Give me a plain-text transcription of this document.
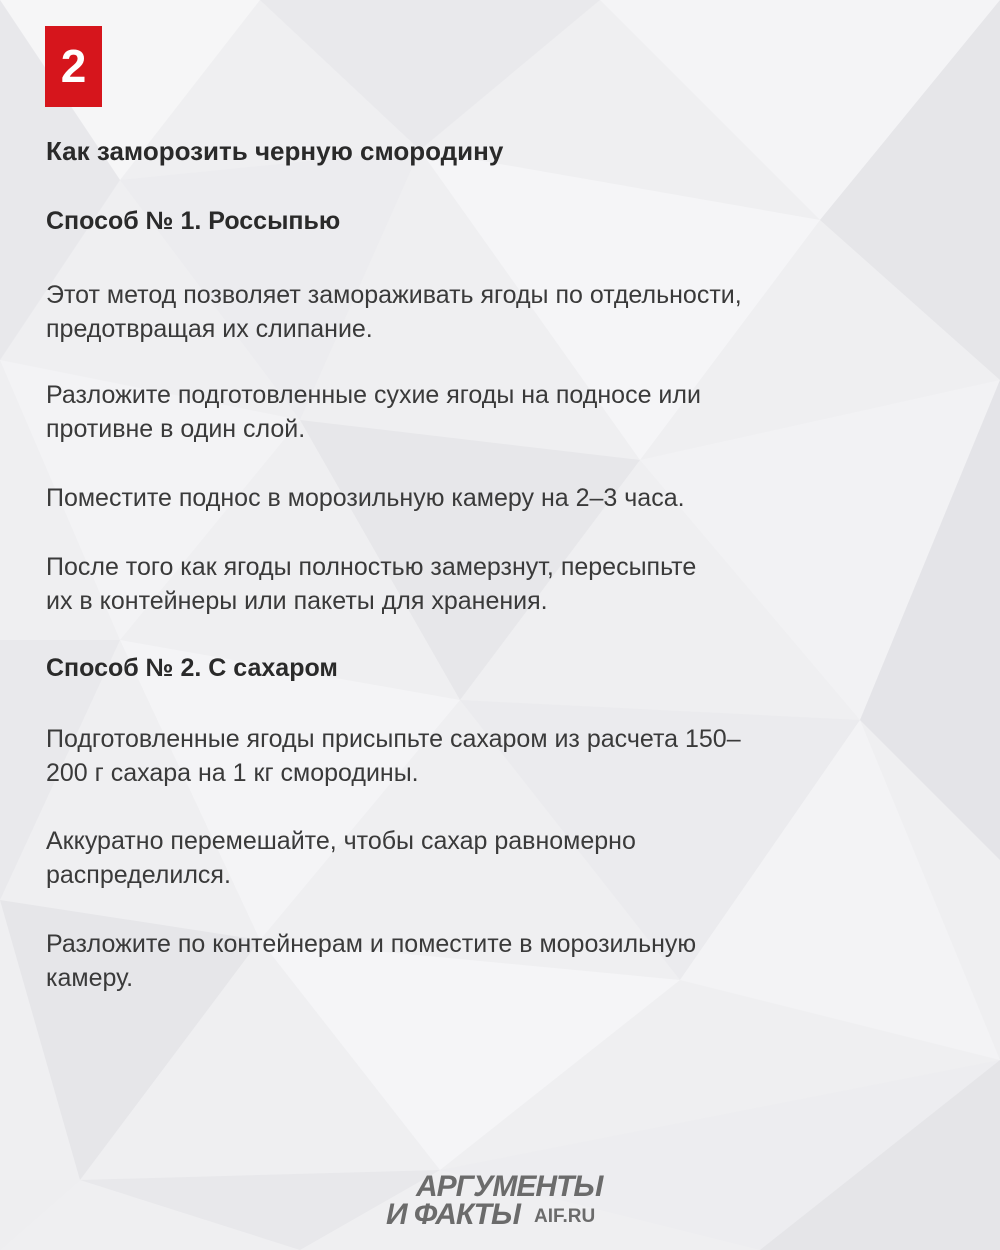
2

Как заморозить черную смородину

Способ № 1. Россыпью

Этот метод позволяет замораживать ягоды по отдельности,
предотвращая их слипание.

Разложите подготовленные сухие ягоды на подносе или
противне в один слой.

Поместите поднос в морозильную камеру на 2–3 часа.

После того как ягоды полностью замерзнут, пересыпьте
их в контейнеры или пакеты для хранения.

Способ № 2. С сахаром

Подготовленные ягоды присыпьте сахаром из расчета 150–
200 г сахара на 1 кг смородины.

Аккуратно перемешайте, чтобы сахар равномерно
распределился.

Разложите по контейнерам и поместите в морозильную
камеру.

АРГУМЕНТЫ
И ФАКТЫ AIF.RU
